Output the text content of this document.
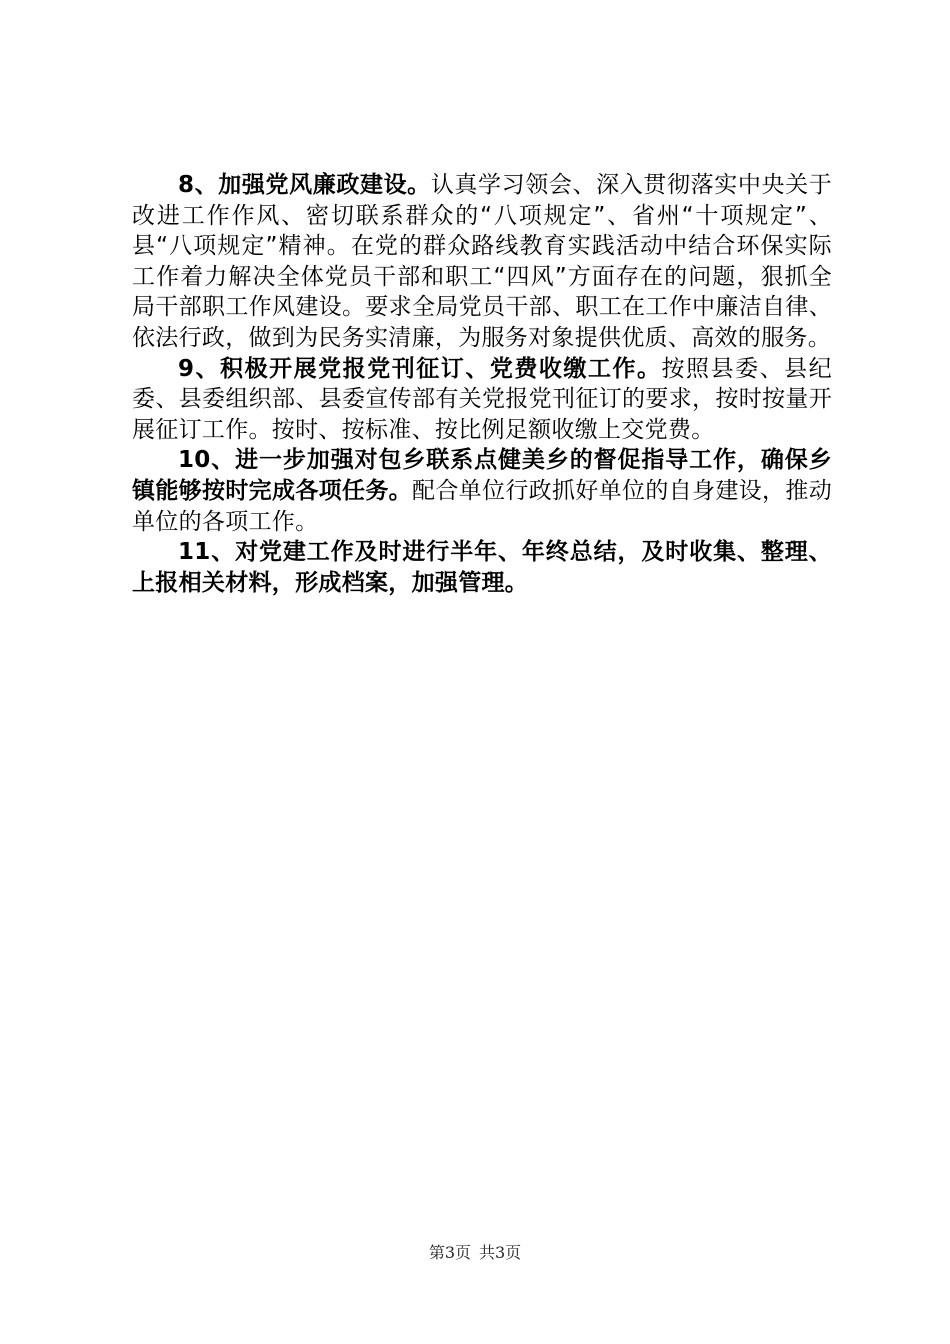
8、加强党风廉政建设。认真学习领会、深入贯彻落实中央关于改进工作作风、密切联系群众的“八项规定”、省州“十项规定”、县“八项规定”精神。在党的群众路线教育实践活动中结合环保实际工作着力解决全体党员干部和职工“四风”方面存在的问题，狠抓全局干部职工作风建设。要求全局党员干部、职工在工作中廉洁自律、依法行政，做到为民务实清廉，为服务对象提供优质、高效的服务。

9、积极开展党报党刊征订、党费收缴工作。按照县委、县纪委、县委组织部、县委宣传部有关党报党刊征订的要求，按时按量开展征订工作。按时、按标准、按比例足额收缴上交党费。

10、进一步加强对包乡联系点健美乡的督促指导工作，确保乡镇能够按时完成各项任务。配合单位行政抓好单位的自身建设，推动单位的各项工作。

11、对党建工作及时进行半年、年终总结，及时收集、整理、上报相关材料，形成档案，加强管理。

第3页 共3页
